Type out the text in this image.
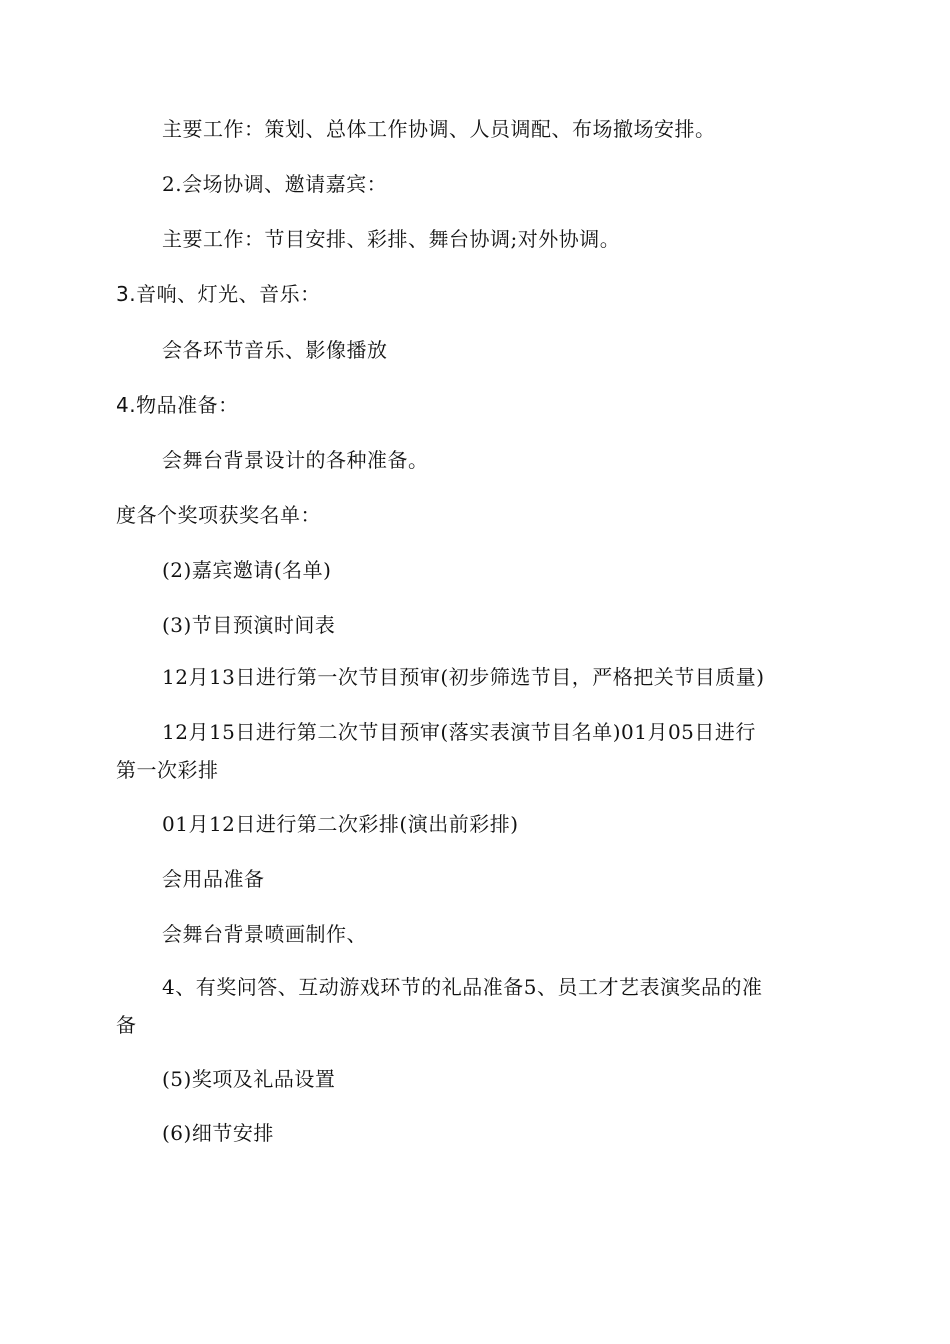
主要工作：策划、总体工作协调、人员调配、布场撤场安排。
2.会场协调、邀请嘉宾：
主要工作：节目安排、彩排、舞台协调;对外协调。
3.音响、灯光、音乐：
会各环节音乐、影像播放
4.物品准备：
会舞台背景设计的各种准备。
度各个奖项获奖名单：
(2)嘉宾邀请(名单)
(3)节目预演时间表
12月13日进行第一次节目预审(初步筛选节目，严格把关节目质量)
12月15日进行第二次节目预审(落实表演节目名单)01月05日进行
第一次彩排
01月12日进行第二次彩排(演出前彩排)
会用品准备
会舞台背景喷画制作、
4、有奖问答、互动游戏环节的礼品准备5、员工才艺表演奖品的准
备
(5)奖项及礼品设置
(6)细节安排
